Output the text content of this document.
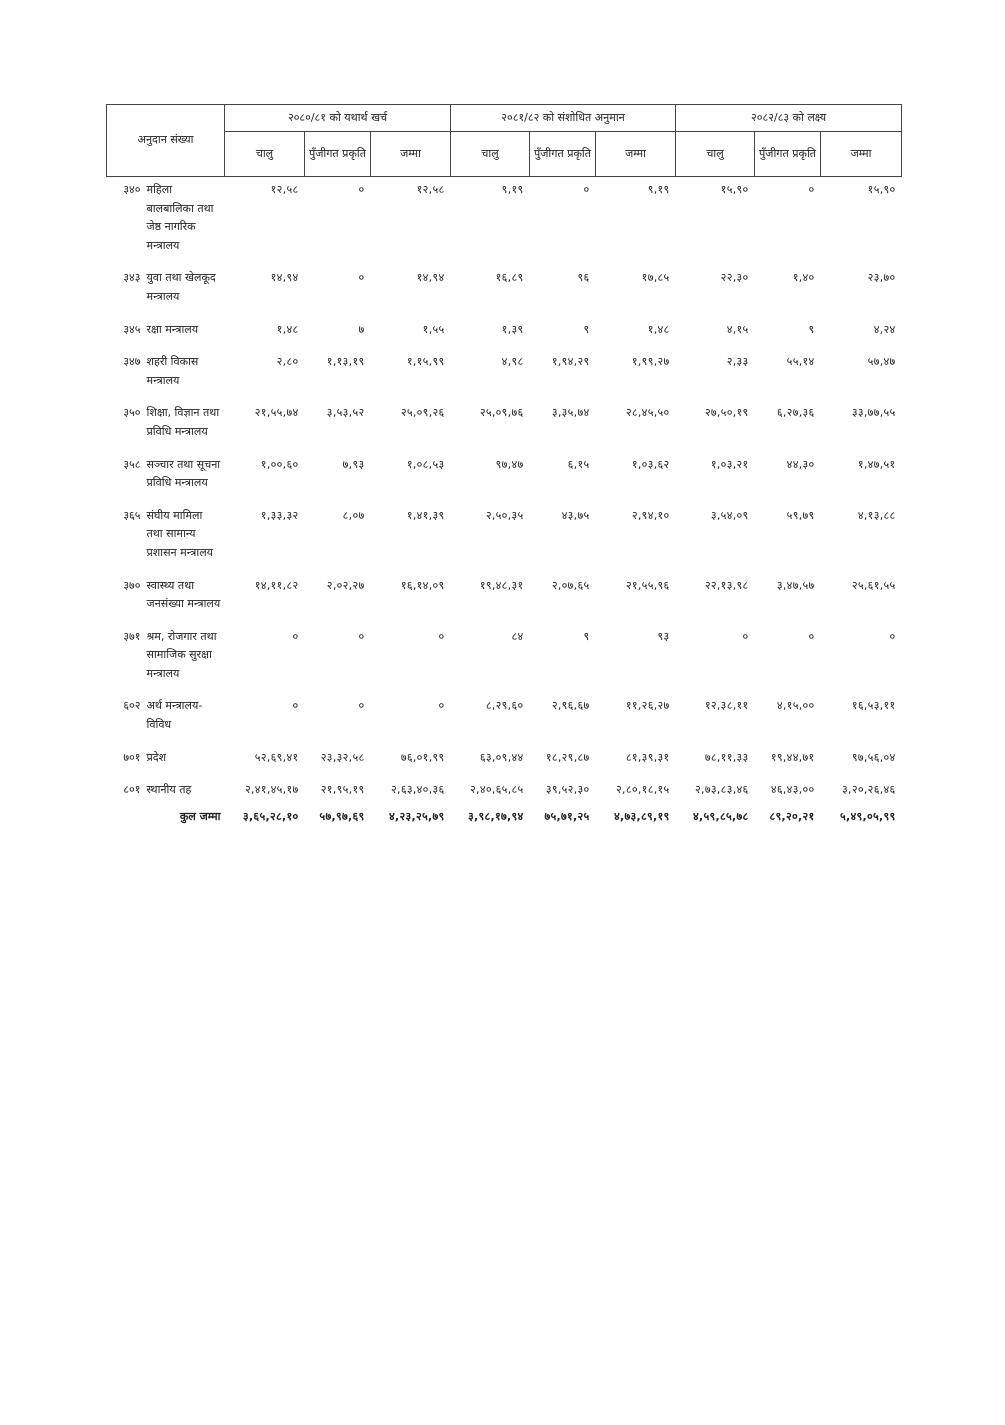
अनुदान संख्या	२०८०/८१ को यथार्थ खर्च			२०८१/८२ को संशोधित अनुमान			२०८२/८३ को लक्ष्य		
	चालु	पुँजीगत प्रकृति	जम्मा	चालु	पुँजीगत प्रकृति	जम्मा	चालु	पुँजीगत प्रकृति	जम्मा

३४० महिला बालबालिका तथा जेष्ठ नागरिक मन्त्रालय	१२,५८	०	१२,५८	९,१९	०	९,१९	१५,९०	०	१५,९०

३४३ युवा तथा खेलकूद मन्त्रालय	१४,९४	०	१४,९४	१६,८९	९६	१७,८५	२२,३०	१,४०	२३,७०

३४५ रक्षा मन्त्रालय	१,४८	७	१,५५	१,३९	९	१,४८	४,१५	९	४,२४

३४७ शहरी विकास मन्त्रालय	२,८०	१,१३,१९	१,१५,९९	४,९८	१,९४,२९	१,९९,२७	२,३३	५५,१४	५७,४७

३५० शिक्षा, विज्ञान तथा प्रविधि मन्त्रालय	२१,५५,७४	३,५३,५२	२५,०९,२६	२५,०९,७६	३,३५,७४	२८,४५,५०	२७,५०,१९	६,२७,३६	३३,७७,५५

३५८ सञ्चार तथा सूचना प्रविधि मन्त्रालय	१,००,६०	७,९३	१,०८,५३	९७,४७	६,१५	१,०३,६२	१,०३,२१	४४,३०	१,४७,५१

३६५ संघीय मामिला तथा सामान्य प्रशासन मन्त्रालय	१,३३,३२	८,०७	१,४१,३९	२,५०,३५	४३,७५	२,९४,१०	३,५४,०९	५९,७९	४,१३,८८

३७० स्वास्थ्य तथा जनसंख्या मन्त्रालय	१४,११,८२	२,०२,२७	१६,१४,०९	१९,४८,३१	२,०७,६५	२१,५५,९६	२२,१३,९८	३,४७,५७	२५,६१,५५

३७१ श्रम, रोजगार तथा सामाजिक सुरक्षा मन्त्रालय	०	०	०	८४	९	९३	०	०	०

६०२ अर्थ मन्त्रालय- विविध	०	०	०	८,२९,६०	२,९६,६७	११,२६,२७	१२,३८,११	४,१५,००	१६,५३,११

७०१ प्रदेश	५२,६९,४१	२३,३२,५८	७६,०१,९९	६३,०९,४४	१८,२९,८७	८१,३९,३१	७८,११,३३	१९,४४,७१	९७,५६,०४

८०१ स्थानीय तह	२,४१,४५,१७	२१,९५,१९	२,६३,४०,३६	२,४०,६५,८५	३९,५२,३०	२,८०,१८,१५	२,७३,८३,४६	४६,४३,००	३,२०,२६,४६
कुल जम्मा	३,६५,२८,१०	५७,९७,६९	४,२३,२५,७९	३,९८,१७,९४	७५,७१,२५	४,७३,८९,१९	४,५९,८५,७८	८९,२०,२१	५,४९,०५,९९
